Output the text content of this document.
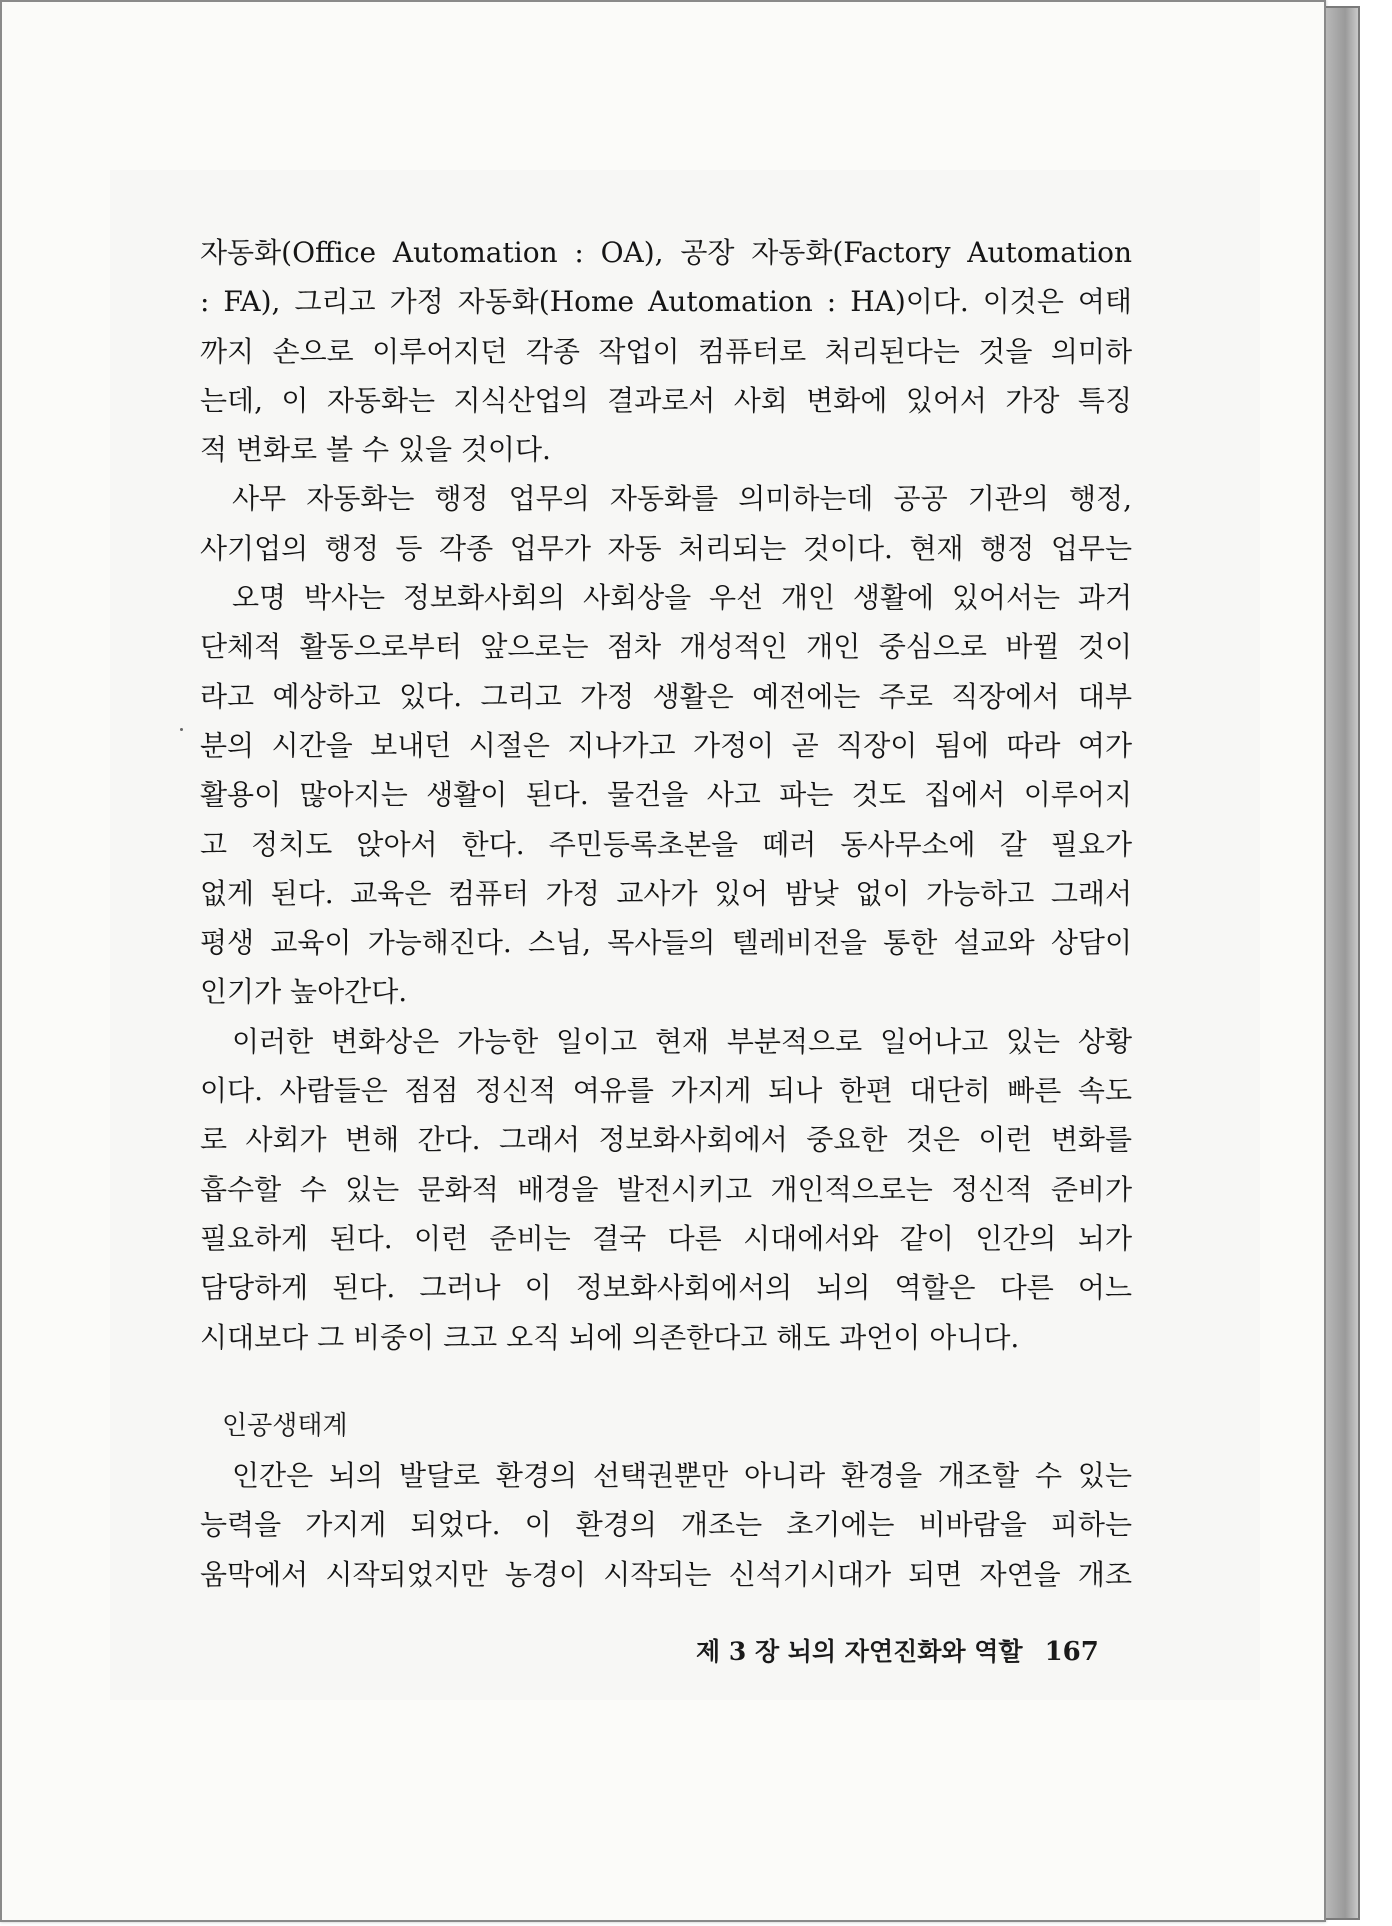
자동화(Office Automation : OA), 공장 자동화(Factory Automation
: FA), 그리고 가정 자동화(Home Automation : HA)이다. 이것은 여태
까지 손으로 이루어지던 각종 작업이 컴퓨터로 처리된다는 것을 의미하
는데, 이 자동화는 지식산업의 결과로서 사회 변화에 있어서 가장 특징
적 변화로 볼 수 있을 것이다.
사무 자동화는 행정 업무의 자동화를 의미하는데 공공 기관의 행정,
사기업의 행정 등 각종 업무가 자동 처리되는 것이다. 현재 행정 업무는
오명 박사는 정보화사회의 사회상을 우선 개인 생활에 있어서는 과거
단체적 활동으로부터 앞으로는 점차 개성적인 개인 중심으로 바뀔 것이
라고 예상하고 있다. 그리고 가정 생활은 예전에는 주로 직장에서 대부
분의 시간을 보내던 시절은 지나가고 가정이 곧 직장이 됨에 따라 여가
활용이 많아지는 생활이 된다. 물건을 사고 파는 것도 집에서 이루어지
고 정치도 앉아서 한다. 주민등록초본을 떼러 동사무소에 갈 필요가
없게 된다. 교육은 컴퓨터 가정 교사가 있어 밤낮 없이 가능하고 그래서
평생 교육이 가능해진다. 스님, 목사들의 텔레비전을 통한 설교와 상담이
인기가 높아간다.
이러한 변화상은 가능한 일이고 현재 부분적으로 일어나고 있는 상황
이다. 사람들은 점점 정신적 여유를 가지게 되나 한편 대단히 빠른 속도
로 사회가 변해 간다. 그래서 정보화사회에서 중요한 것은 이런 변화를
흡수할 수 있는 문화적 배경을 발전시키고 개인적으로는 정신적 준비가
필요하게 된다. 이런 준비는 결국 다른 시대에서와 같이 인간의 뇌가
담당하게 된다. 그러나 이 정보화사회에서의 뇌의 역할은 다른 어느
시대보다 그 비중이 크고 오직 뇌에 의존한다고 해도 과언이 아니다.
인공생태계
인간은 뇌의 발달로 환경의 선택권뿐만 아니라 환경을 개조할 수 있는
능력을 가지게 되었다. 이 환경의 개조는 초기에는 비바람을 피하는
움막에서 시작되었지만 농경이 시작되는 신석기시대가 되면 자연을 개조
제 3 장 뇌의 자연진화와 역할 167
